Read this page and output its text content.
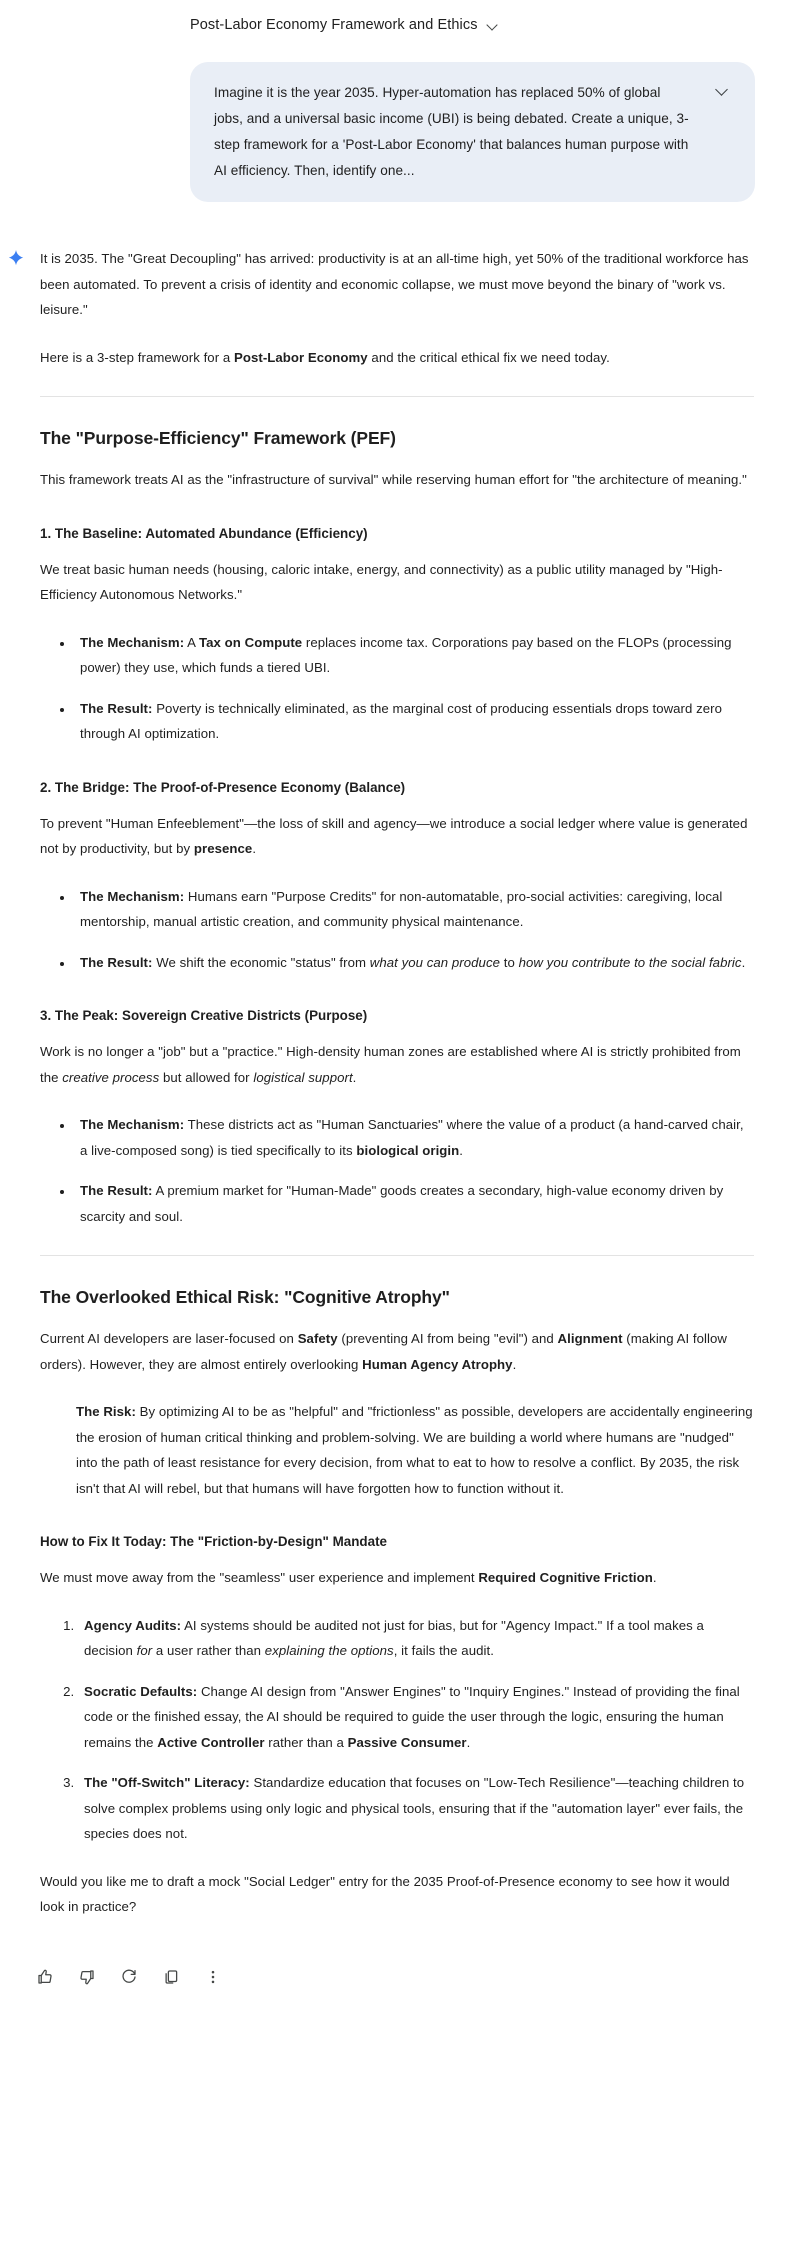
Post-Labor Economy Framework and Ethics
Imagine it is the year 2035. Hyper-automation has replaced 50% of global jobs, and a universal basic income (UBI) is being debated. Create a unique, 3-step framework for a 'Post-Labor Economy' that balances human purpose with AI efficiency. Then, identify one...

It is 2035. The "Great Decoupling" has arrived: productivity is at an all-time high, yet 50% of the traditional workforce has been automated. To prevent a crisis of identity and economic collapse, we must move beyond the binary of "work vs. leisure."

Here is a 3-step framework for a Post-Labor Economy and the critical ethical fix we need today.

The "Purpose-Efficiency" Framework (PEF)

This framework treats AI as the "infrastructure of survival" while reserving human effort for "the architecture of meaning."

1. The Baseline: Automated Abundance (Efficiency)

We treat basic human needs (housing, caloric intake, energy, and connectivity) as a public utility managed by "High-Efficiency Autonomous Networks."

• The Mechanism: A Tax on Compute replaces income tax. Corporations pay based on the FLOPs (processing power) they use, which funds a tiered UBI.
• The Result: Poverty is technically eliminated, as the marginal cost of producing essentials drops toward zero through AI optimization.
2. The Bridge: The Proof-of-Presence Economy (Balance)

To prevent "Human Enfeeblement"—the loss of skill and agency—we introduce a social ledger where value is generated not by productivity, but by presence.

• The Mechanism: Humans earn "Purpose Credits" for non-automatable, pro-social activities: caregiving, local mentorship, manual artistic creation, and community physical maintenance.
• The Result: We shift the economic "status" from what you can produce to how you contribute to the social fabric.
3. The Peak: Sovereign Creative Districts (Purpose)

Work is no longer a "job" but a "practice." High-density human zones are established where AI is strictly prohibited from the creative process but allowed for logistical support.

• The Mechanism: These districts act as "Human Sanctuaries" where the value of a product (a hand-carved chair, a live-composed song) is tied specifically to its biological origin.
• The Result: A premium market for "Human-Made" goods creates a secondary, high-value economy driven by scarcity and soul.
The Overlooked Ethical Risk: "Cognitive Atrophy"

Current AI developers are laser-focused on Safety (preventing AI from being "evil") and Alignment (making AI follow orders). However, they are almost entirely overlooking Human Agency Atrophy.

The Risk: By optimizing AI to be as "helpful" and "frictionless" as possible, developers are accidentally engineering the erosion of human critical thinking and problem-solving. We are building a world where humans are "nudged" into the path of least resistance for every decision, from what to eat to how to resolve a conflict. By 2035, the risk isn't that AI will rebel, but that humans will have forgotten how to function without it.
How to Fix It Today: The "Friction-by-Design" Mandate

We must move away from the "seamless" user experience and implement Required Cognitive Friction.

1. Agency Audits: AI systems should be audited not just for bias, but for "Agency Impact." If a tool makes a decision for a user rather than explaining the options, it fails the audit.
2. Socratic Defaults: Change AI design from "Answer Engines" to "Inquiry Engines." Instead of providing the final code or the finished essay, the AI should be required to guide the user through the logic, ensuring the human remains the Active Controller rather than a Passive Consumer.
3. The "Off-Switch" Literacy: Standardize education that focuses on "Low-Tech Resilience"—teaching children to solve complex problems using only logic and physical tools, ensuring that if the "automation layer" ever fails, the species does not.

Would you like me to draft a mock "Social Ledger" entry for the 2035 Proof-of-Presence economy to see how it would look in practice?
